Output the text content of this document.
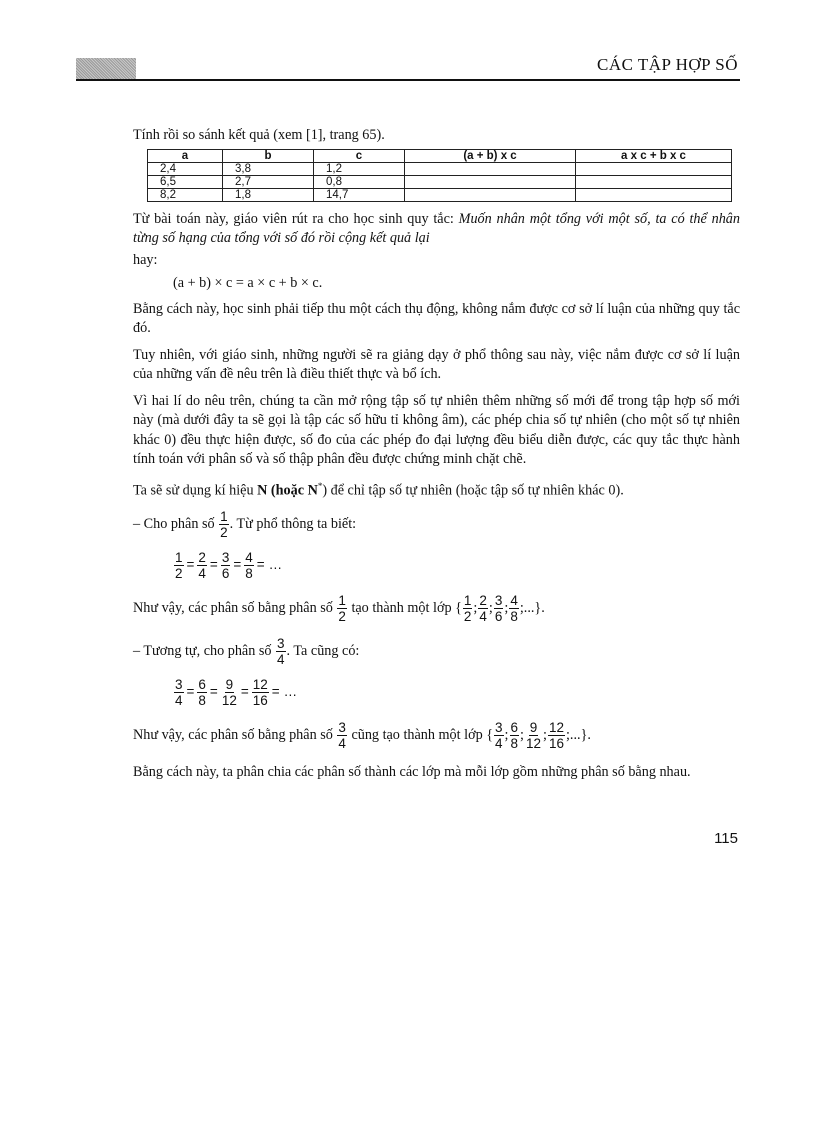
CÁC TẬP HỢP SỐ

Tính rồi so sánh kết quả (xem [1], trang 65).

a	b	c	(a + b) x c	a x c + b x c
2,4	3,8	1,2		
6,5	2,7	0,8		
8,2	1,8	14,7		

Từ bài toán này, giáo viên rút ra cho học sinh quy tắc: Muốn nhân một tổng với một số, ta có thể nhân từng số hạng của tổng với số đó rồi cộng kết quả lại

hay:

(a + b) × c = a × c + b × c.

Bằng cách này, học sinh phải tiếp thu một cách thụ động, không nắm được cơ sở lí luận của những quy tắc đó.

Tuy nhiên, với giáo sinh, những người sẽ ra giảng dạy ở phổ thông sau này, việc nắm được cơ sở lí luận của những vấn đề nêu trên là điều thiết thực và bổ ích.

Vì hai lí do nêu trên, chúng ta cần mở rộng tập số tự nhiên thêm những số mới để trong tập hợp số mới này (mà dưới đây ta sẽ gọi là tập các số hữu tỉ không âm), các phép chia số tự nhiên (cho một số tự nhiên khác 0) đều thực hiện được, số đo của các phép đo đại lượng đều biểu diễn được, các quy tắc thực hành tính toán với phân số và số thập phân đều được chứng minh chặt chẽ.

Ta sẽ sử dụng kí hiệu N (hoặc N*) để chỉ tập số tự nhiên (hoặc tập số tự nhiên khác 0).

– Cho phân số $\frac{1}{2}$ . Từ phổ thông ta biết:

$\frac{1}{2} = \frac{2}{4} = \frac{3}{6} = \frac{4}{8}$ = …

Như vậy, các phân số bằng phân số $\frac{1}{2}$ tạo thành một lớp { $\frac{1}{2}$ ; $\frac{2}{4}$ ; $\frac{3}{6}$ ; $\frac{4}{8}$ ;...}.

– Tương tự, cho phân số $\frac{3}{4}$ . Ta cũng có:

$\frac{3}{4} = \frac{6}{8} = \frac{9}{12} = \frac{12}{16}$ = …

Như vậy, các phân số bằng phân số $\frac{3}{4}$ cũng tạo thành một lớp { $\frac{3}{4}$ ; $\frac{6}{8}$ ; $\frac{9}{12}$ ; $\frac{12}{16}$ ;...}.

Bằng cách này, ta phân chia các phân số thành các lớp mà mỗi lớp gồm những phân số bằng nhau.

115
